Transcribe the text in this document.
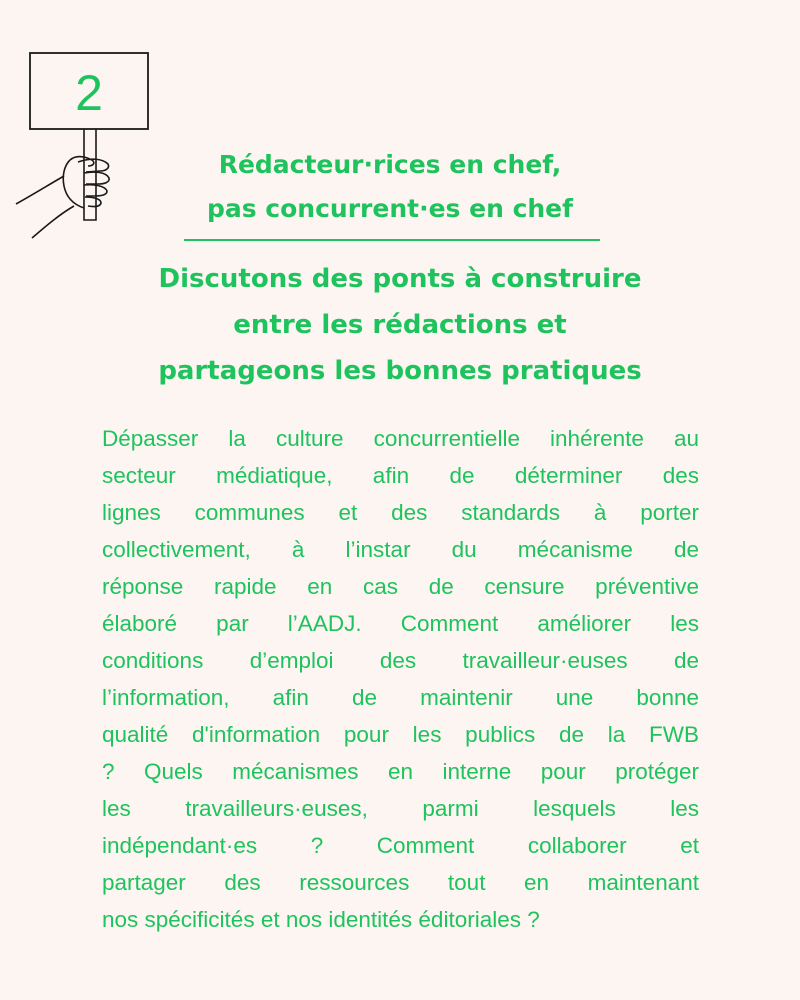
2
Rédacteur·rices en chef,
pas concurrent·es en chef
Discutons des ponts à construire
entre les rédactions et
partageons les bonnes pratiques
Dépasser la culture concurrentielle inhérente au
secteur médiatique, afin de déterminer des
lignes communes et des standards à porter
collectivement, à l’instar du mécanisme de
réponse rapide en cas de censure préventive
élaboré par l’AADJ. Comment améliorer les
conditions d’emploi des travailleur·euses de
l’information, afin de maintenir une bonne
qualité d'information pour les publics de la FWB
? Quels mécanismes en interne pour protéger
les travailleurs·euses, parmi lesquels les
indépendant·es ? Comment collaborer et
partager des ressources tout en maintenant
nos spécificités et nos identités éditoriales ?
